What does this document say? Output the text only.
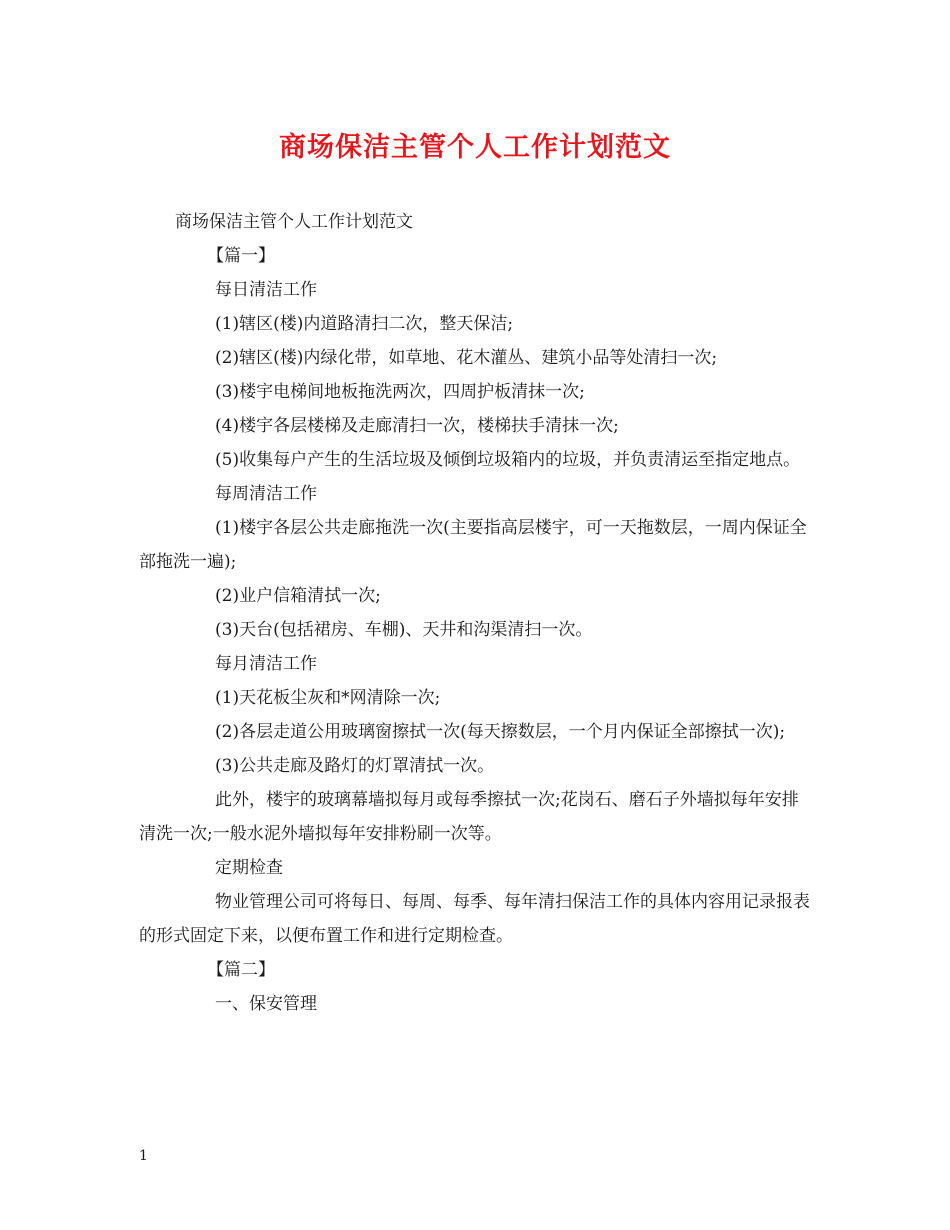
商场保洁主管个人工作计划范文

商场保洁主管个人工作计划范文

【篇一】

每日清洁工作

(1)辖区(楼)内道路清扫二次，整天保洁;

(2)辖区(楼)内绿化带，如草地、花木灌丛、建筑小品等处清扫一次;

(3)楼宇电梯间地板拖洗两次，四周护板清抹一次;

(4)楼宇各层楼梯及走廊清扫一次，楼梯扶手清抹一次;

(5)收集每户产生的生活垃圾及倾倒垃圾箱内的垃圾，并负责清运至指定地点。

每周清洁工作

(1)楼宇各层公共走廊拖洗一次(主要指高层楼宇，可一天拖数层，一周内保证全部拖洗一遍);

(2)业户信箱清拭一次;

(3)天台(包括裙房、车棚)、天井和沟渠清扫一次。

每月清洁工作

(1)天花板尘灰和*网清除一次;

(2)各层走道公用玻璃窗擦拭一次(每天擦数层，一个月内保证全部擦拭一次);

(3)公共走廊及路灯的灯罩清拭一次。

此外，楼宇的玻璃幕墙拟每月或每季擦拭一次;花岗石、磨石子外墙拟每年安排清洗一次;一般水泥外墙拟每年安排粉刷一次等。

定期检查

物业管理公司可将每日、每周、每季、每年清扫保洁工作的具体内容用记录报表的形式固定下来，以便布置工作和进行定期检查。

【篇二】

一、保安管理

1
